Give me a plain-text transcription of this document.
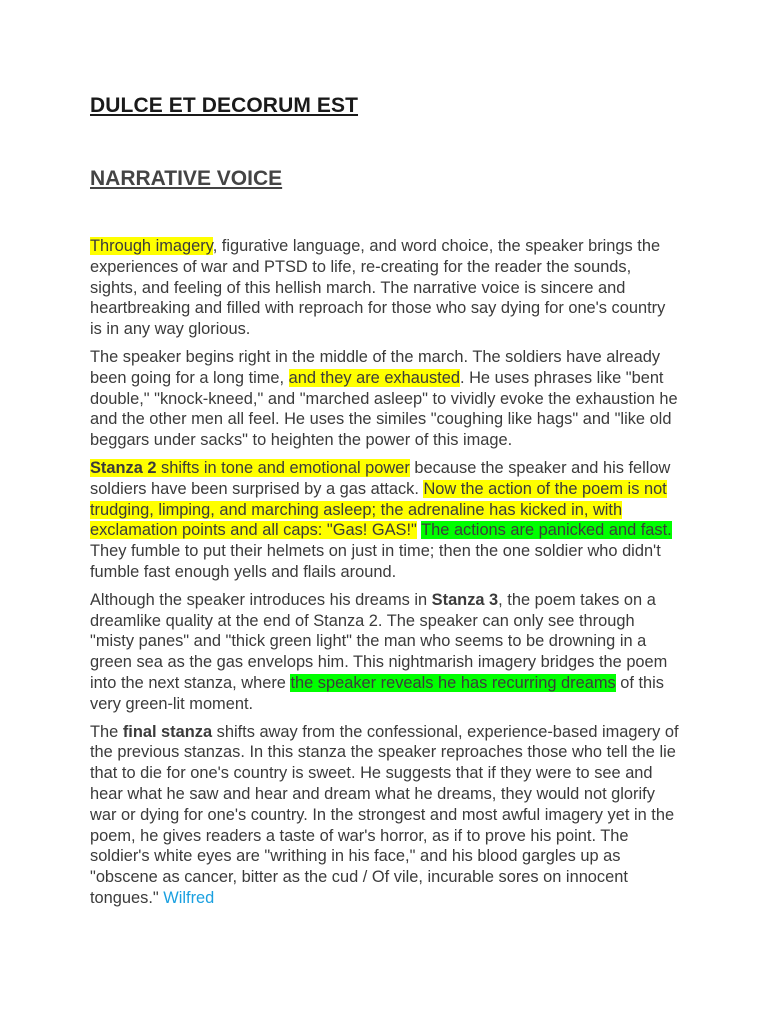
DULCE ET DECORUM EST
NARRATIVE VOICE

Through imagery, figurative language, and word choice, the speaker brings the experiences of war and PTSD to life, re-creating for the reader the sounds, sights, and feeling of this hellish march. The narrative voice is sincere and heartbreaking and filled with reproach for those who say dying for one's country is in any way glorious.

The speaker begins right in the middle of the march. The soldiers have already been going for a long time, and they are exhausted. He uses phrases like "bent double," "knock-kneed," and "marched asleep" to vividly evoke the exhaustion he and the other men all feel. He uses the similes "coughing like hags" and "like old beggars under sacks" to heighten the power of this image.

Stanza 2 shifts in tone and emotional power because the speaker and his fellow soldiers have been surprised by a gas attack. Now the action of the poem is not trudging, limping, and marching asleep; the adrenaline has kicked in, with exclamation points and all caps: "Gas! GAS!" The actions are panicked and fast. They fumble to put their helmets on just in time; then the one soldier who didn't fumble fast enough yells and flails around.

Although the speaker introduces his dreams in Stanza 3, the poem takes on a dreamlike quality at the end of Stanza 2. The speaker can only see through "misty panes" and "thick green light" the man who seems to be drowning in a green sea as the gas envelops him. This nightmarish imagery bridges the poem into the next stanza, where the speaker reveals he has recurring dreams of this very green-lit moment.

The final stanza shifts away from the confessional, experience-based imagery of the previous stanzas. In this stanza the speaker reproaches those who tell the lie that to die for one's country is sweet. He suggests that if they were to see and hear what he saw and hear and dream what he dreams, they would not glorify war or dying for one's country. In the strongest and most awful imagery yet in the poem, he gives readers a taste of war's horror, as if to prove his point. The soldier's white eyes are "writhing in his face," and his blood gargles up as "obscene as cancer, bitter as the cud / Of vile, incurable sores on innocent tongues." Wilfred
